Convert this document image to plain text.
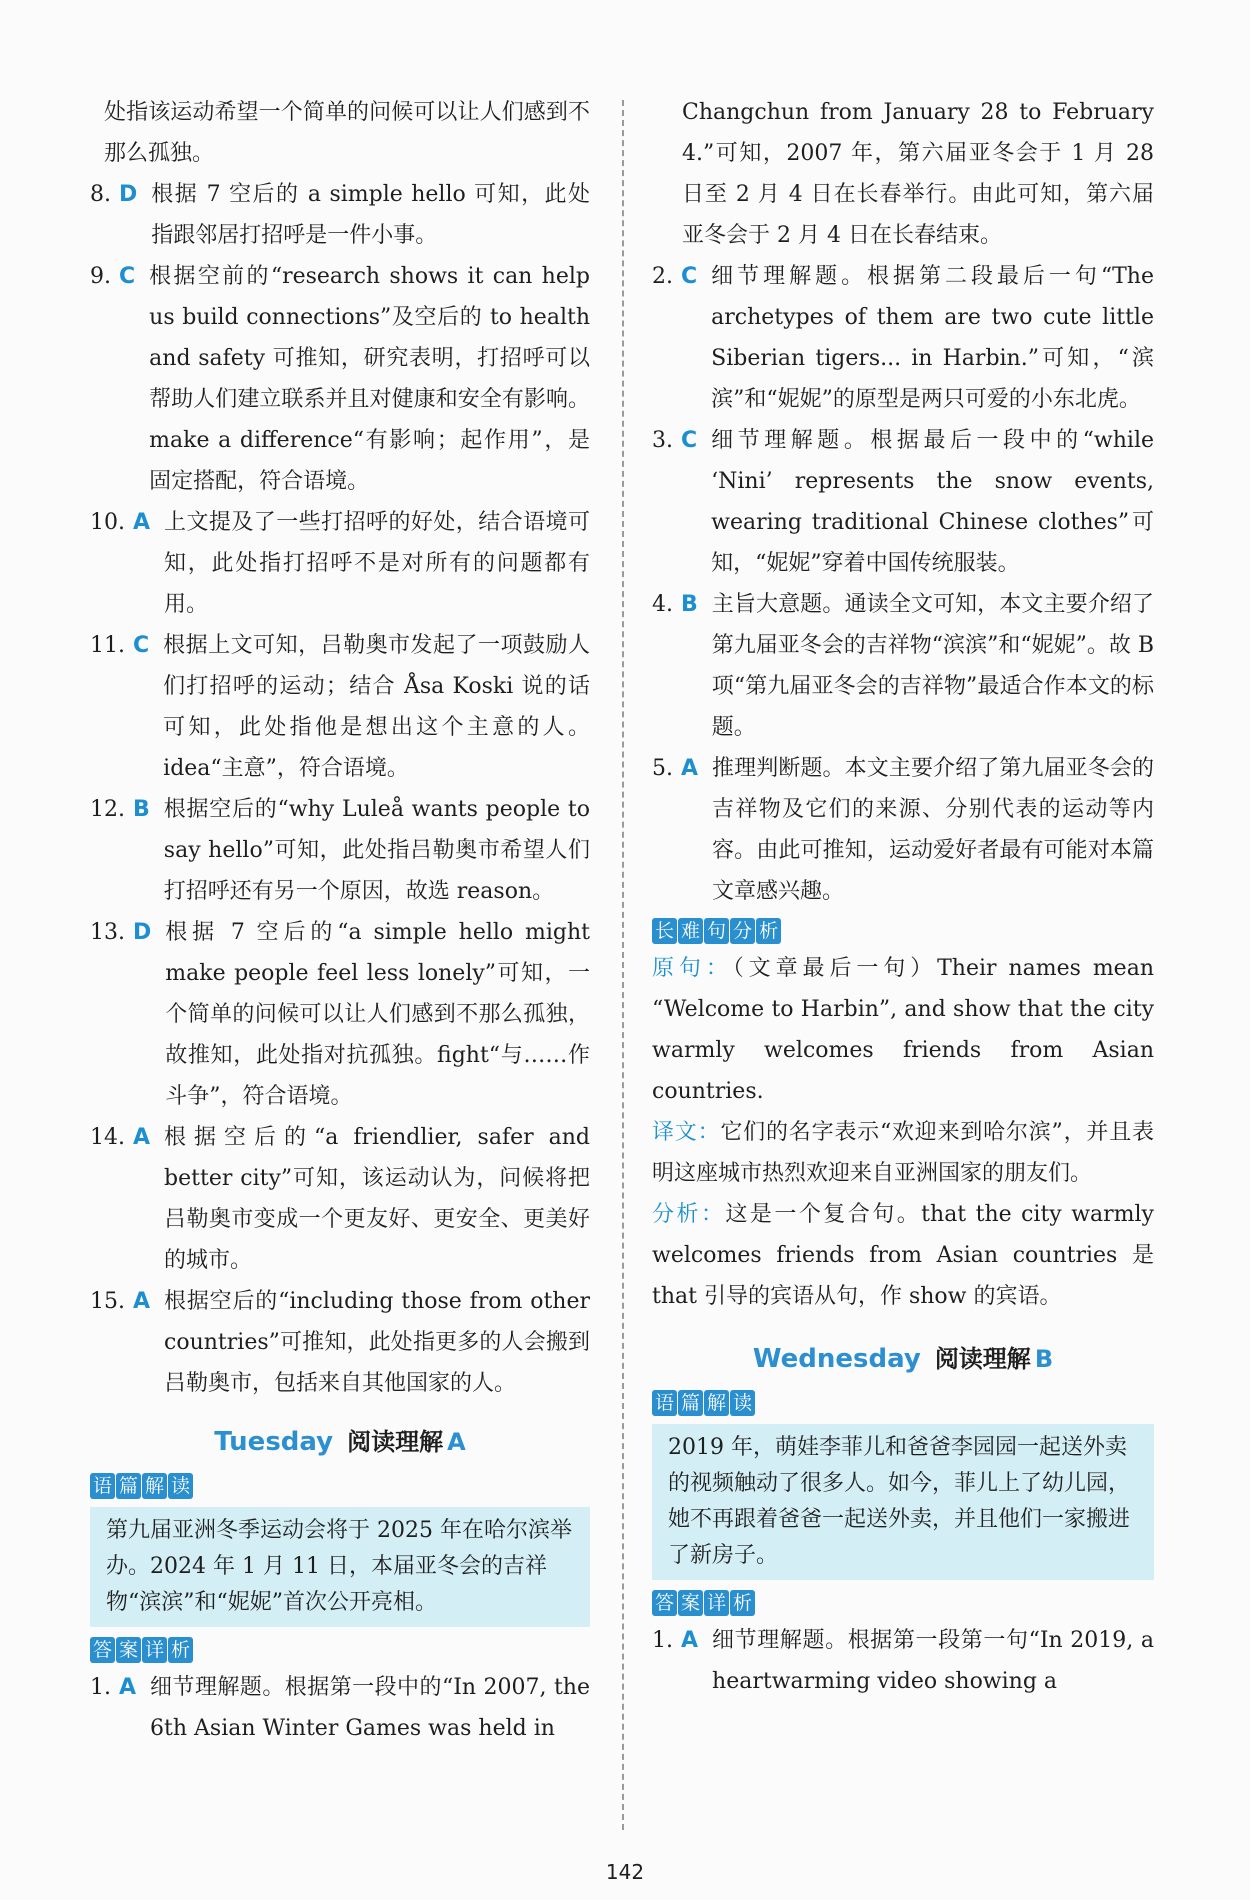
处指该运动希望一个简单的问候可以让人们感到不那么孤独。
8. D 根据 7 空后的 a simple hello 可知，此处指跟邻居打招呼是一件小事。
9. C 根据空前的“research shows it can help us build connections”及空后的 to health and safety 可推知，研究表明，打招呼可以帮助人们建立联系并且对健康和安全有影响。make a difference“有影响；起作用”，是固定搭配，符合语境。
10. A 上文提及了一些打招呼的好处，结合语境可知，此处指打招呼不是对所有的问题都有用。
11. C 根据上文可知，吕勒奥市发起了一项鼓励人们打招呼的运动；结合 Åsa Koski 说的话可知，此处指他是想出这个主意的人。idea“主意”，符合语境。
12. B 根据空后的“why Luleå wants people to say hello”可知，此处指吕勒奥市希望人们打招呼还有另一个原因，故选 reason。
13. D 根据 7 空后的“a simple hello might make people feel less lonely”可知，一个简单的问候可以让人们感到不那么孤独，故推知，此处指对抗孤独。fight“与……作斗争”，符合语境。
14. A 根据空后的“a friendlier, safer and better city”可知，该运动认为，问候将把吕勒奥市变成一个更友好、更安全、更美好的城市。
15. A 根据空后的“including those from other countries”可推知，此处指更多的人会搬到吕勒奥市，包括来自其他国家的人。
Tuesday 阅读理解 A
语 篇 解 读
第九届亚洲冬季运动会将于 2025 年在哈尔滨举办。2024 年 1 月 11 日，本届亚冬会的吉祥物“滨滨”和“妮妮”首次公开亮相。
答 案 详 析
1. A 细节理解题。根据第一段中的“In 2007, the 6th Asian Winter Games was held in
Changchun from January 28 to February 4.”可知，2007 年，第六届亚冬会于 1 月 28 日至 2 月 4 日在长春举行。由此可知，第六届亚冬会于 2 月 4 日在长春结束。
2. C 细节理解题。根据第二段最后一句“The archetypes of them are two cute little Siberian tigers... in Harbin.”可知，“滨滨”和“妮妮”的原型是两只可爱的小东北虎。
3. C 细节理解题。根据最后一段中的“while ‘Nini’ represents the snow events, wearing traditional Chinese clothes”可知，“妮妮”穿着中国传统服装。
4. B 主旨大意题。通读全文可知，本文主要介绍了第九届亚冬会的吉祥物“滨滨”和“妮妮”。故 B 项“第九届亚冬会的吉祥物”最适合作本文的标题。
5. A 推理判断题。本文主要介绍了第九届亚冬会的吉祥物及它们的来源、分别代表的运动等内容。由此可推知，运动爱好者最有可能对本篇文章感兴趣。
长 难 句 分 析
原句：（文章最后一句）Their names mean “Welcome to Harbin”, and show that the city warmly welcomes friends from Asian countries.
译文：它们的名字表示“欢迎来到哈尔滨”，并且表明这座城市热烈欢迎来自亚洲国家的朋友们。
分析：这是一个复合句。that the city warmly welcomes friends from Asian countries 是 that 引导的宾语从句，作 show 的宾语。
Wednesday 阅读理解 B
语 篇 解 读
2019 年，萌娃李菲儿和爸爸李园园一起送外卖的视频触动了很多人。如今，菲儿上了幼儿园，她不再跟着爸爸一起送外卖，并且他们一家搬进了新房子。
答 案 详 析
1. A 细节理解题。根据第一段第一句“In 2019, a heartwarming video showing a
142
